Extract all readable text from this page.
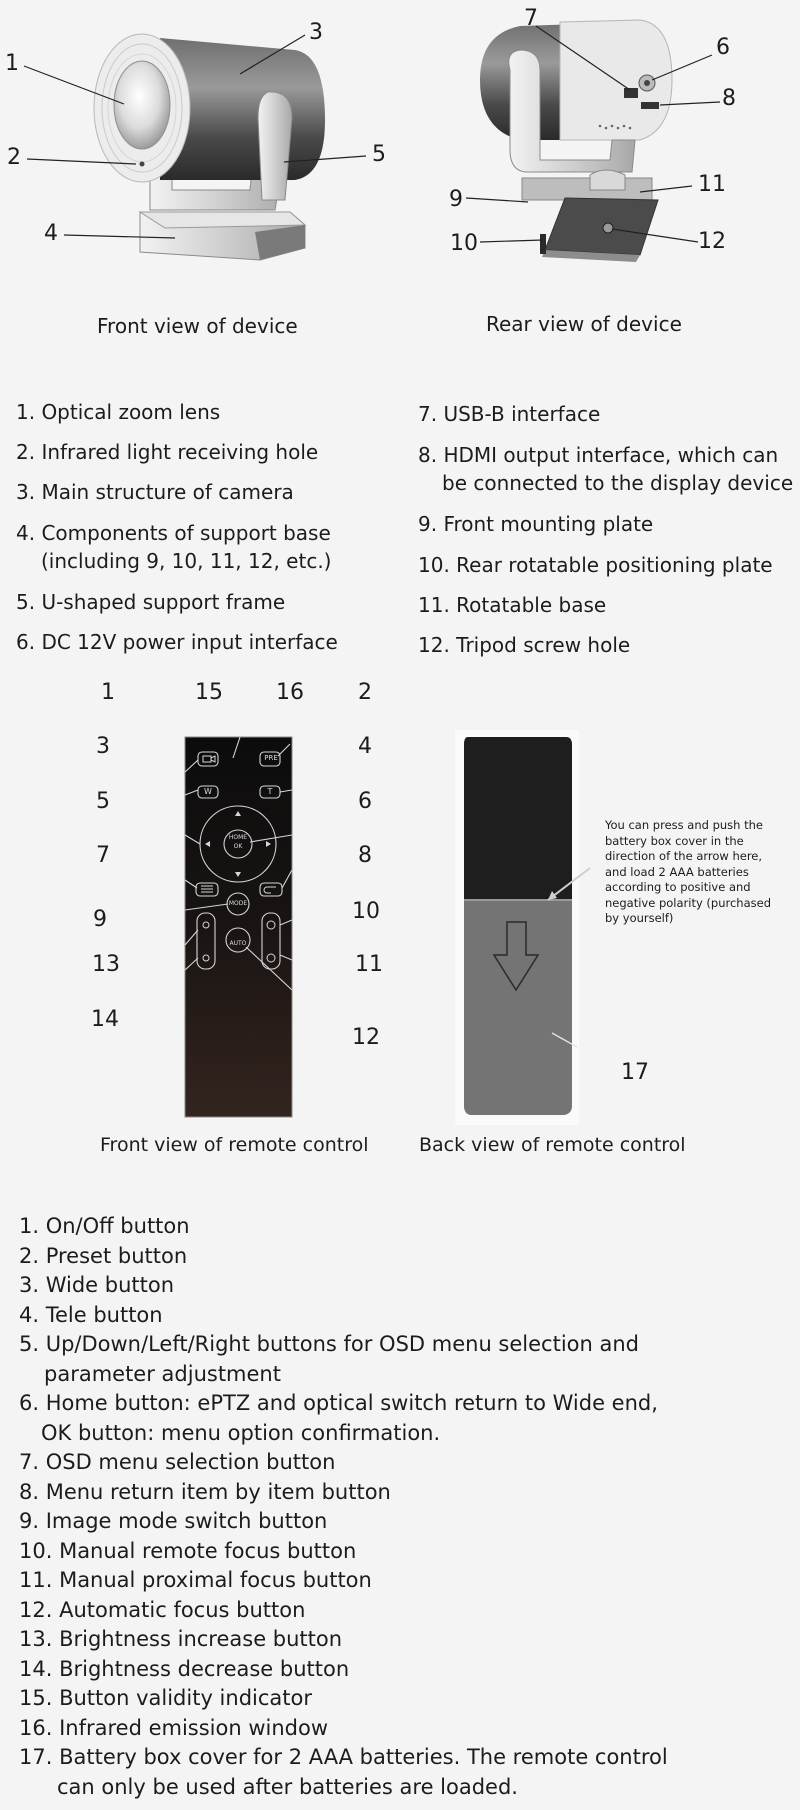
1
2
3
4
5
6
7
8
9
10
11
12
Front view of device	Rear view of device
1. Optical zoom lens
2. Infrared light receiving hole
3. Main structure of camera
4. Components of support base
(including 9, 10, 11, 12, etc.)
5. U-shaped support frame
6. DC 12V power input interface
7. USB-B interface
8. HDMI output interface, which can
be connected to the display device
9. Front mounting plate
10. Rear rotatable positioning plate
11. Rotatable base
12. Tripod screw hole
PRE
W	T
HOME
OK
MODE
AUTO
1	15 16 2
3	4
5	6
7	8
9	10
13	11
14
12
You can press and push the
battery box cover in the
direction of the arrow here,
and load 2 AAA batteries
according to positive and
negative polarity (purchased
by yourself)
17
Front view of remote control	Back view of remote control
1. On/Off button
2. Preset button
3. Wide button
4. Tele button
5. Up/Down/Left/Right buttons for OSD menu selection and
parameter adjustment
6. Home button: ePTZ and optical switch return to Wide end,
OK button: menu option confirmation.
7. OSD menu selection button
8. Menu return item by item button
9. Image mode switch button
10. Manual remote focus button
11. Manual proximal focus button
12. Automatic focus button
13. Brightness increase button
14. Brightness decrease button
15. Button validity indicator
16. Infrared emission window
17. Battery box cover for 2 AAA batteries. The remote control
can only be used after batteries are loaded.
